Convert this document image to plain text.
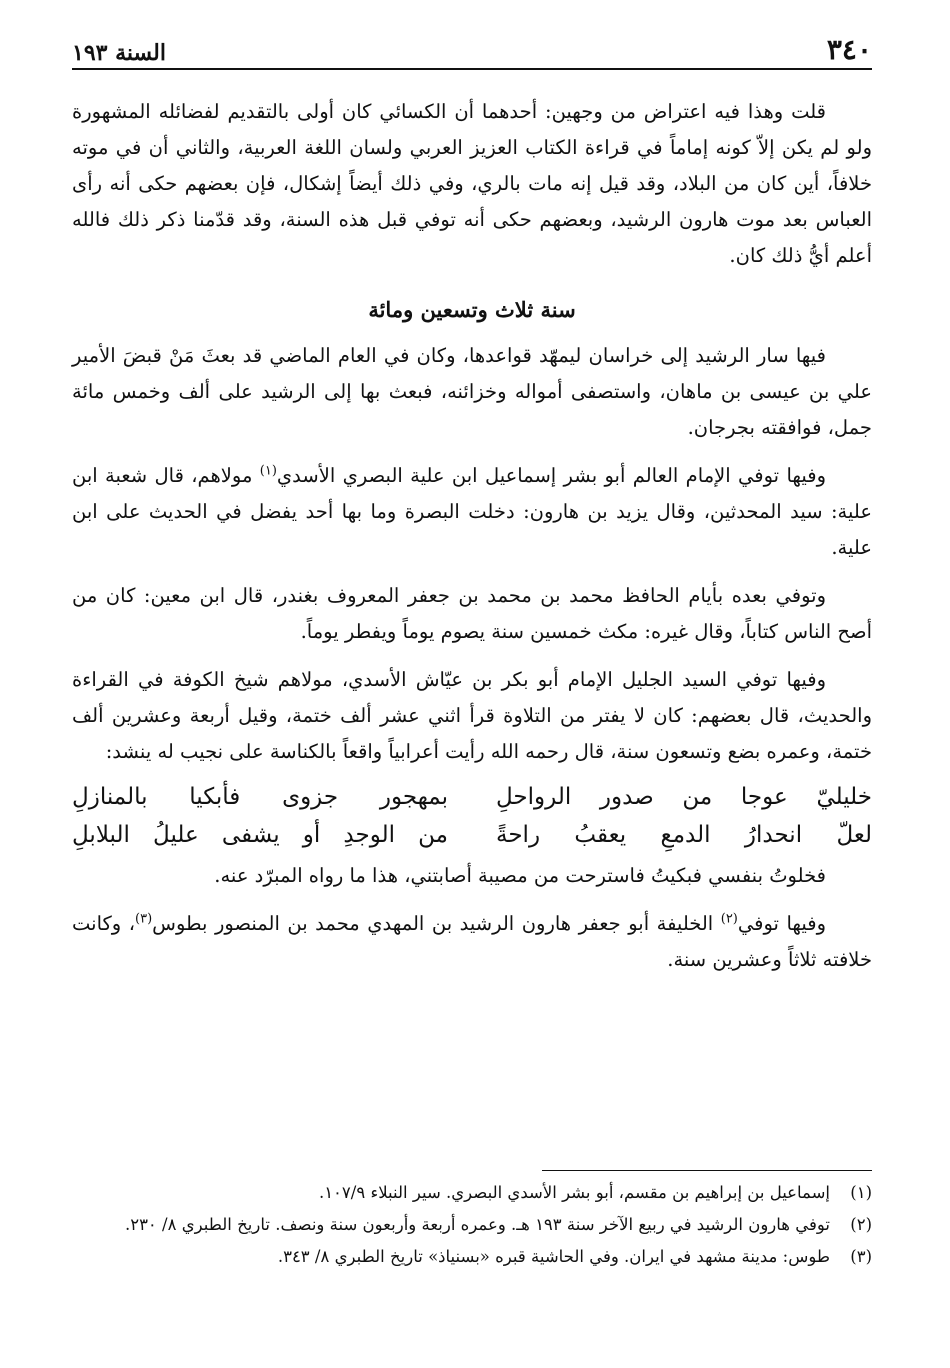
٣٤٠
السنة ١٩٣

قلت وهذا فيه اعتراض من وجهين: أحدهما أن الكسائي كان أولى بالتقديم لفضائله المشهورة ولو لم يكن إلاّ كونه إماماً في قراءة الكتاب العزيز العربي ولسان اللغة العربية، والثاني أن في موته خلافاً، أين كان من البلاد، وقد قيل إنه مات بالري، وفي ذلك أيضاً إشكال، فإن بعضهم حكى أنه رأى العباس بعد موت هارون الرشيد، وبعضهم حكى أنه توفي قبل هذه السنة، وقد قدّمنا ذكر ذلك فالله أعلم أيُّ ذلك كان.

سنة ثلاث وتسعين ومائة

فيها سار الرشيد إلى خراسان ليمهّد قواعدها، وكان في العام الماضي قد بعثَ مَنْ قبضَ الأمير علي بن عيسى بن ماهان، واستصفى أمواله وخزائنه، فبعث بها إلى الرشيد على ألف وخمس مائة جمل، فوافقته بجرجان.

وفيها توفي الإمام العالم أبو بشر إسماعيل ابن علية البصري الأسدي$^{(١)}$ مولاهم، قال شعبة ابن علية: سيد المحدثين، وقال يزيد بن هارون: دخلت البصرة وما بها أحد يفضل في الحديث على ابن علية.

وتوفي بعده بأيام الحافظ محمد بن محمد بن جعفر المعروف بغندر، قال ابن معين: كان من أصح الناس كتاباً، وقال غيره: مكث خمسين سنة يصوم يوماً ويفطر يوماً.

وفيها توفي السيد الجليل الإمام أبو بكر بن عيّاش الأسدي، مولاهم شيخ الكوفة في القراءة والحديث، قال بعضهم: كان لا يفتر من التلاوة قرأ اثني عشر ألف ختمة، وقيل أربعة وعشرين ألف ختمة، وعمره بضع وتسعون سنة، قال رحمه الله رأيت أعرابياً واقعاً بالكناسة على نجيب له ينشد:

خليليّ عوجا من صدور الرواحلِ
بمهجور جزوى فأبكيا بالمنازلِ
لعلّ انحدارُ الدمعِ يعقبُ راحةً
من الوجدِ أو يشفى عليلُ البلابلِ

فخلوتُ بنفسي فبكيتُ فاسترحت من مصيبة أصابتني، هذا ما رواه المبرّد عنه.

وفيها توفي$^{(٢)}$ الخليفة أبو جعفر هارون الرشيد بن المهدي محمد بن المنصور بطوس$^{(٣)}$، وكانت خلافته ثلاثاً وعشرين سنة.

(١)
إسماعيل بن إبراهيم بن مقسم، أبو بشر الأسدي البصري. سير النبلاء ١٠٧/٩.
(٢)
توفي هارون الرشيد في ربيع الآخر سنة ١٩٣ هـ. وعمره أربعة وأربعون سنة ونصف. تاريخ الطبري ٨/ ٢٣٠.
(٣)
طوس: مدينة مشهد في ايران. وفي الحاشية قبره «بسنياذ» تاريخ الطبري ٨/ ٣٤٣.
